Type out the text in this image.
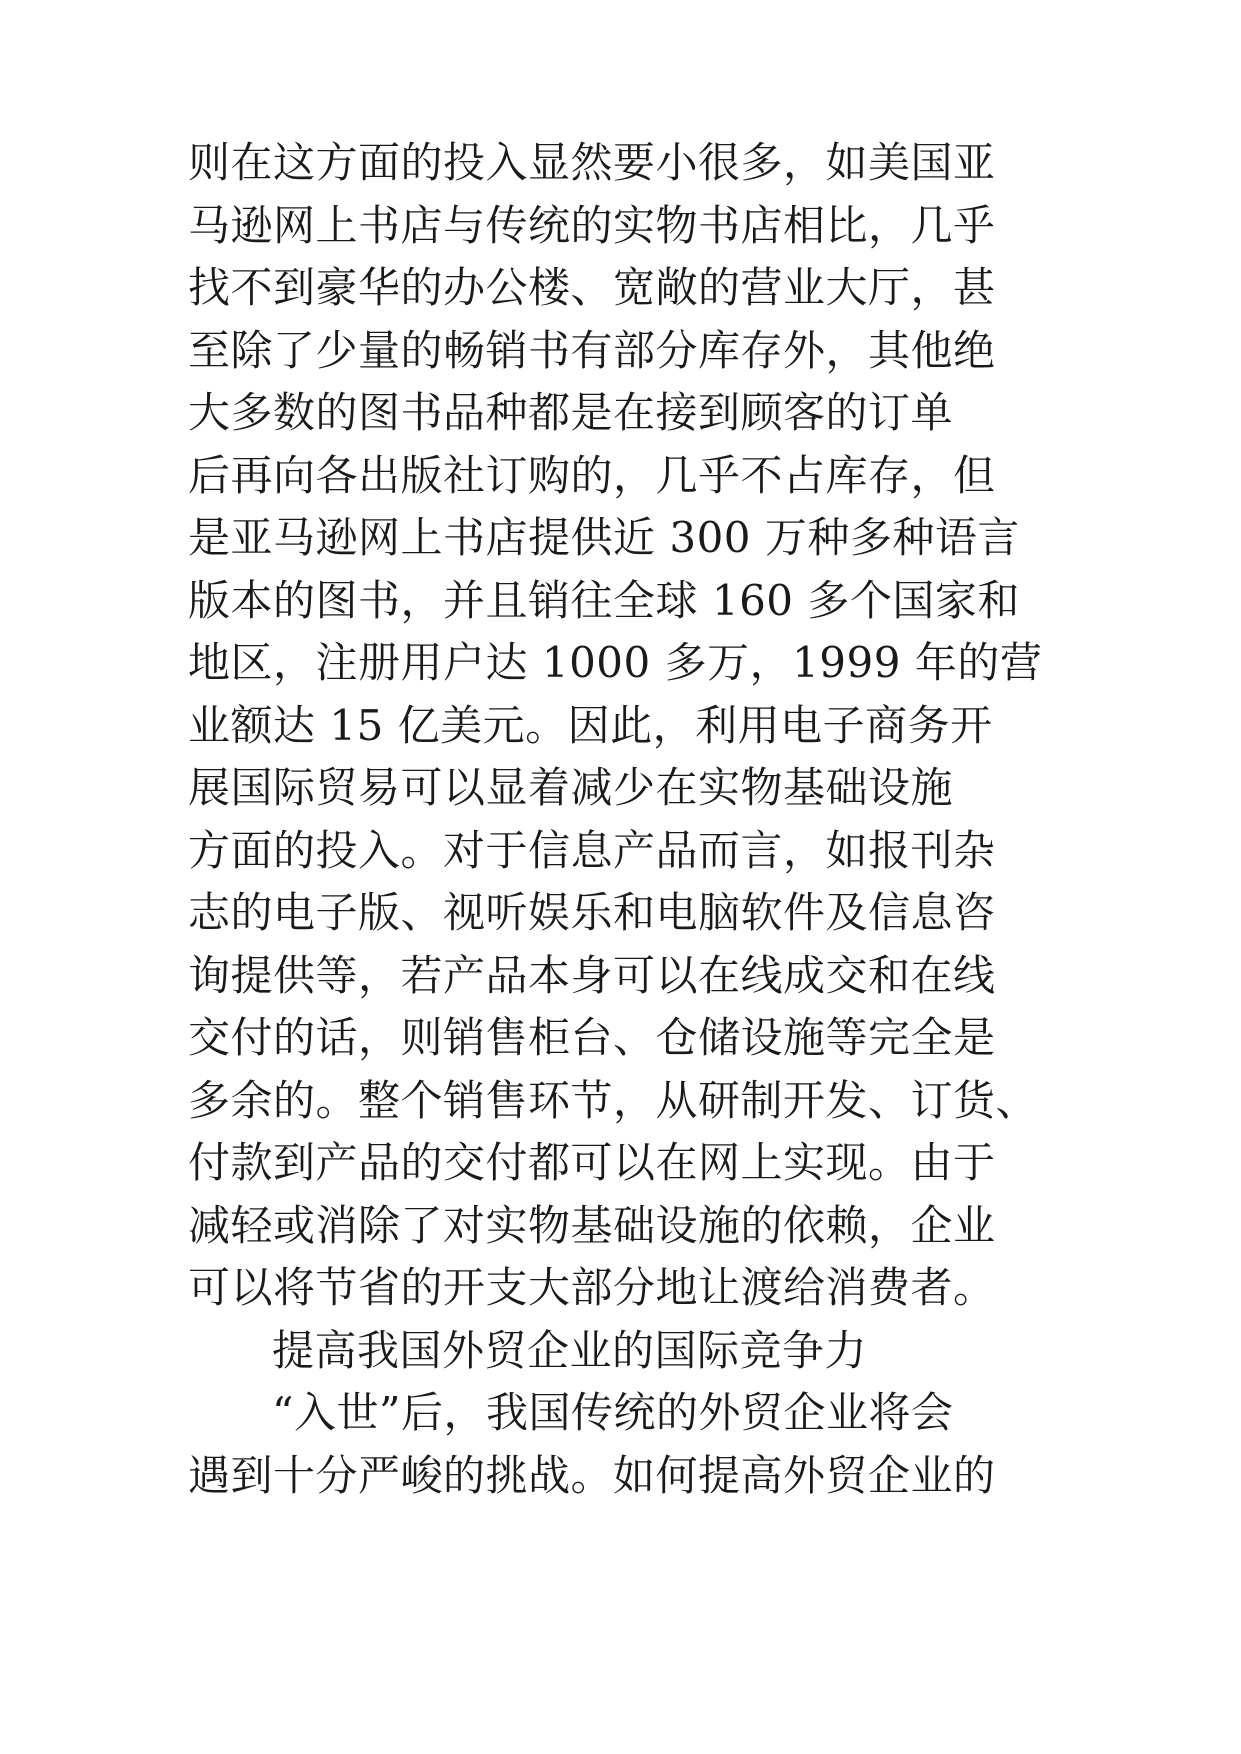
则在这方面的投入显然要小很多，如美国亚
马逊网上书店与传统的实物书店相比，几乎
找不到豪华的办公楼、宽敞的营业大厅，甚
至除了少量的畅销书有部分库存外，其他绝
大多数的图书品种都是在接到顾客的订单
后再向各出版社订购的，几乎不占库存，但
是亚马逊网上书店提供近 300 万种多种语言
版本的图书，并且销往全球 160 多个国家和
地区，注册用户达 1000 多万，1999 年的营
业额达 15 亿美元。因此，利用电子商务开
展国际贸易可以显着减少在实物基础设施
方面的投入。对于信息产品而言，如报刊杂
志的电子版、视听娱乐和电脑软件及信息咨
询提供等，若产品本身可以在线成交和在线
交付的话，则销售柜台、仓储设施等完全是
多余的。整个销售环节，从研制开发、订货、
付款到产品的交付都可以在网上实现。由于
减轻或消除了对实物基础设施的依赖，企业
可以将节省的开支大部分地让渡给消费者。
提高我国外贸企业的国际竞争力
“入世”后，我国传统的外贸企业将会
遇到十分严峻的挑战。如何提高外贸企业的
